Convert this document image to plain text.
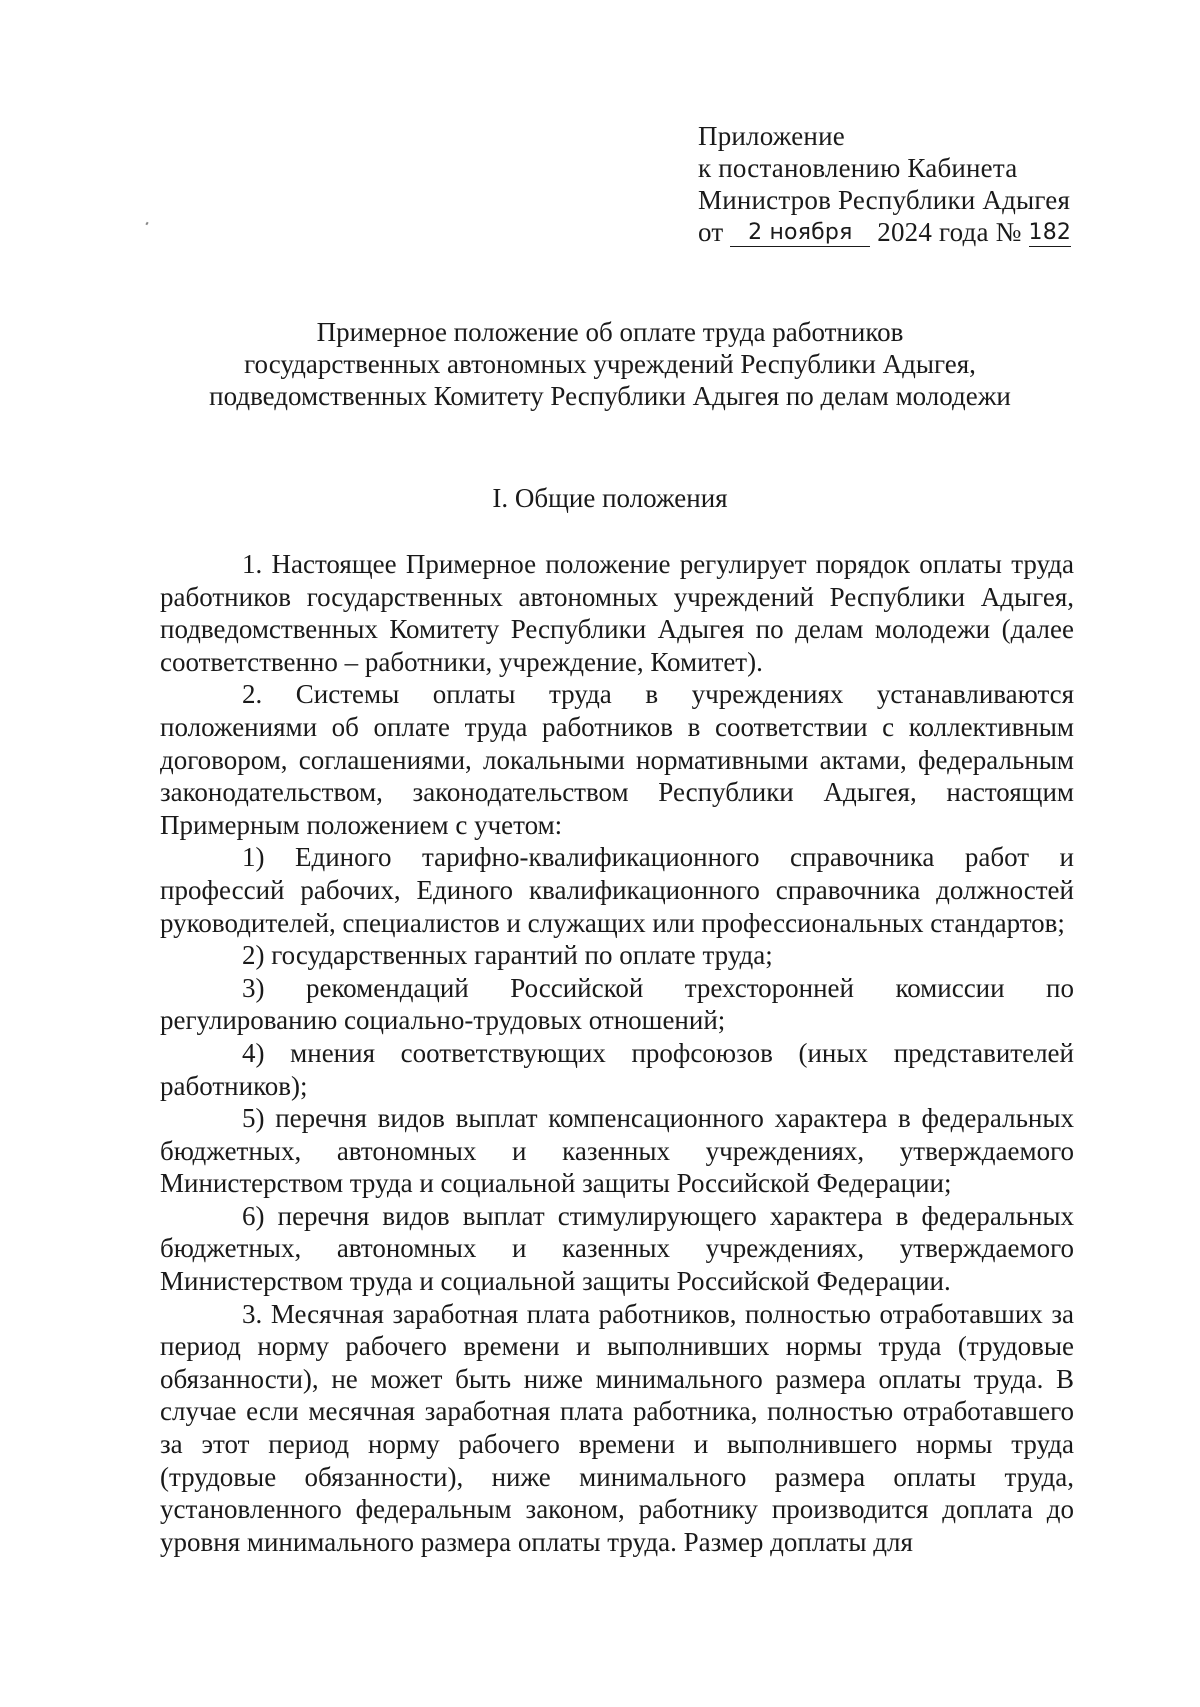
Приложение
к постановлению Кабинета
Министров Республики Адыгея
от 2 ноября 2024 года № 182
Примерное положение об оплате труда работников
государственных автономных учреждений Республики Адыгея,
подведомственных Комитету Республики Адыгея по делам молодежи
I. Общие положения

1. Настоящее Примерное положение регулирует порядок оплаты труда работников государственных автономных учреждений Республики Адыгея, подведомственных Комитету Республики Адыгея по делам молодежи (далее соответственно – работники, учреждение, Комитет).

2. Системы оплаты труда в учреждениях устанавливаются положениями об оплате труда работников в соответствии с коллективным договором, соглашениями, локальными нормативными актами, федеральным законодательством, законодательством Республики Адыгея, настоящим Примерным положением с учетом:

1) Единого тарифно-квалификационного справочника работ и профессий рабочих, Единого квалификационного справочника должностей руководителей, специалистов и служащих или профессиональных стандартов;

2) государственных гарантий по оплате труда;

3) рекомендаций Российской трехсторонней комиссии по регулированию социально-трудовых отношений;

4) мнения соответствующих профсоюзов (иных представителей работников);

5) перечня видов выплат компенсационного характера в федеральных бюджетных, автономных и казенных учреждениях, утверждаемого Министерством труда и социальной защиты Российской Федерации;

6) перечня видов выплат стимулирующего характера в федеральных бюджетных, автономных и казенных учреждениях, утверждаемого Министерством труда и социальной защиты Российской Федерации.

3. Месячная заработная плата работников, полностью отработавших за период норму рабочего времени и выполнивших нормы труда (трудовые обязанности), не может быть ниже минимального размера оплаты труда. В случае если месячная заработная плата работника, полностью отработавшего за этот период норму рабочего времени и выполнившего нормы труда (трудовые обязанности), ниже минимального размера оплаты труда, установленного федеральным законом, работнику производится доплата до уровня минимального размера оплаты труда. Размер доплаты для
